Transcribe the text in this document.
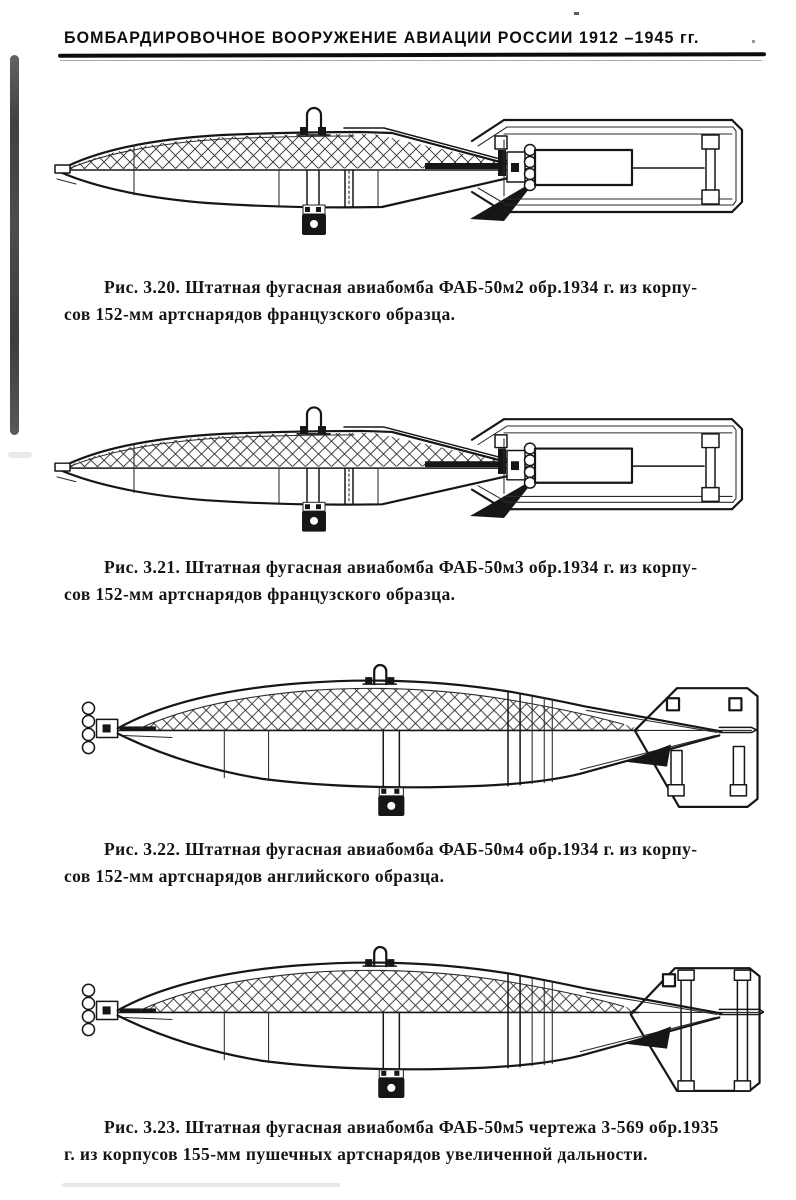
БОМБАРДИРОВОЧНОЕ ВООРУЖЕНИЕ АВИАЦИИ РОССИИ 1912 –1945 гг.
Рис. 3.20. Штатная фугасная авиабомба ФАБ-50м2 обр.1934 г. из корпу-
сов 152-мм артснарядов французского образца.
Рис. 3.21. Штатная фугасная авиабомба ФАБ-50м3 обр.1934 г. из корпу-
сов 152-мм артснарядов французского образца.
Рис. 3.22. Штатная фугасная авиабомба ФАБ-50м4 обр.1934 г. из корпу-
сов 152-мм артснарядов английского образца.
Рис. 3.23. Штатная фугасная авиабомба ФАБ-50м5 чертежа 3-569 обр.1935
г. из корпусов 155-мм пушечных артснарядов увеличенной дальности.
